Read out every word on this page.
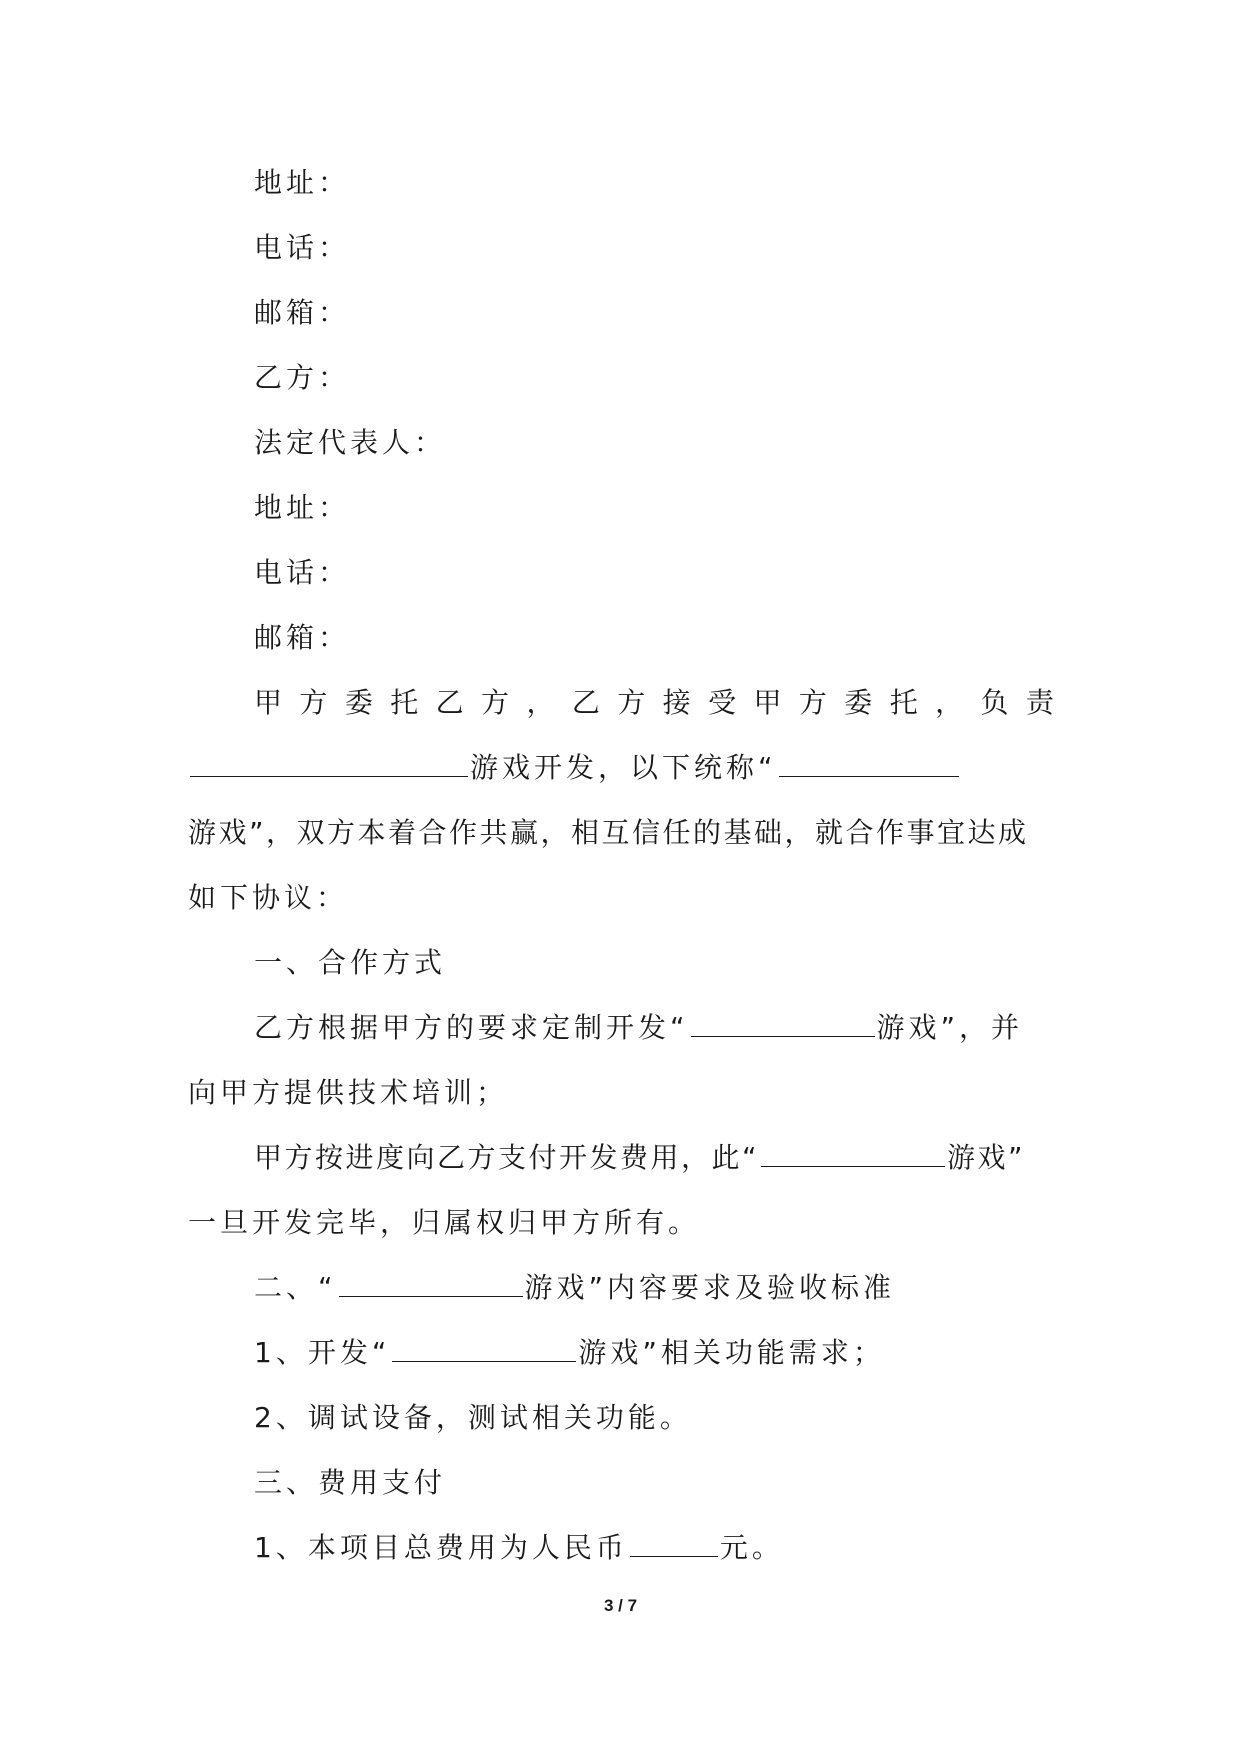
地址：
电话：
邮箱：
乙方：
法定代表人：
地址：
电话：
邮箱：
甲 方 委 托 乙 方 ， 乙 方 接 受 甲 方 委 托 ， 负 责
游戏开发，以下统称“
游戏”，双方本着合作共赢，相互信任的基础，就合作事宜达成
如下协议：
一、合作方式
乙方根据甲方的要求定制开发“	游戏”，并
向甲方提供技术培训；
甲方按进度向乙方支付开发费用，此“	游戏”
一旦开发完毕，归属权归甲方所有。
二、“	游戏”内容要求及验收标准
1、开发“	游戏”相关功能需求；
2、调试设备，测试相关功能。
三、费用支付
1、本项目总费用为人民币	元。
3 / 7
